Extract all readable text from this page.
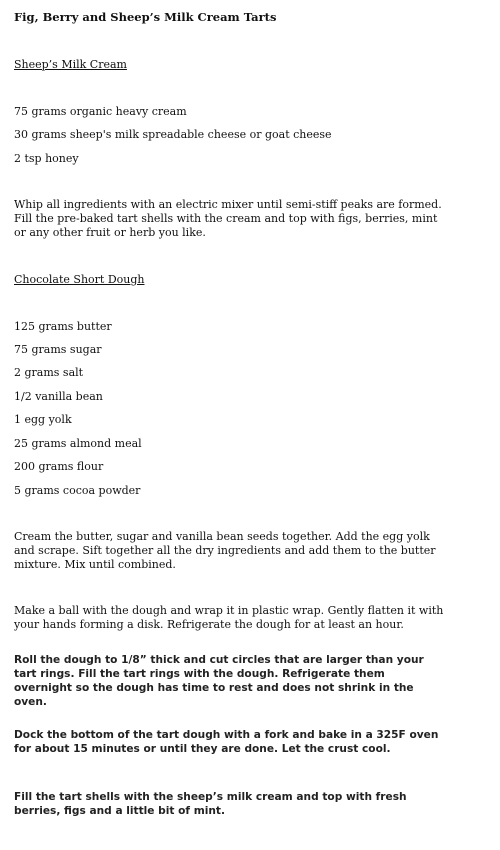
Fig, Berry and Sheep’s Milk Cream Tarts
Sheep’s Milk Cream
75 grams organic heavy cream
30 grams sheep's milk spreadable cheese or goat cheese
2 tsp honey
Whip all ingredients with an electric mixer until semi-stiff peaks are formed. Fill the pre-baked tart shells with the cream and top with figs, berries, mint or any other fruit or herb you like.
Chocolate Short Dough
125 grams butter
75 grams sugar
2 grams salt
1/2 vanilla bean
1 egg yolk
25 grams almond meal
200 grams flour
5 grams cocoa powder
Cream the butter, sugar and vanilla bean seeds together. Add the egg yolk and scrape. Sift together all the dry ingredients and add them to the butter mixture. Mix until combined.
Make a ball with the dough and wrap it in plastic wrap. Gently flatten it with your hands forming a disk. Refrigerate the dough for at least an hour.
Roll the dough to 1/8” thick and cut circles that are larger than your tart rings. Fill the tart rings with the dough. Refrigerate them overnight so the dough has time to rest and does not shrink in the oven.
Dock the bottom of the tart dough with a fork and bake in a 325F oven for about 15 minutes or until they are done. Let the crust cool.
Fill the tart shells with the sheep’s milk cream and top with fresh berries, figs and a little bit of mint.
